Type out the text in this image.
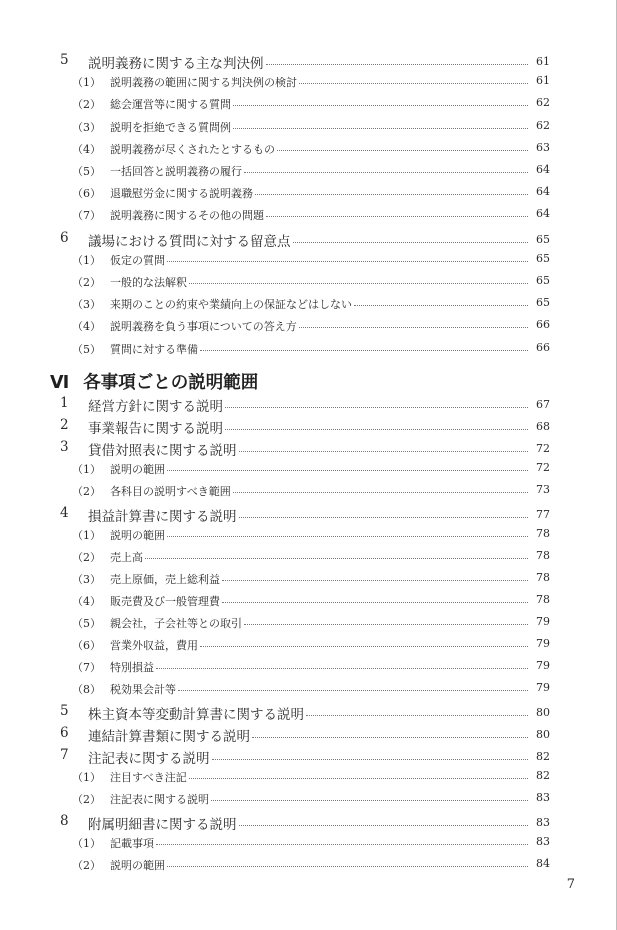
5 説明義務に関する主な判決例	61
（1） 説明義務の範囲に関する判決例の検討	61
（2） 総会運営等に関する質問	62
（3） 説明を拒絶できる質問例	62
（4） 説明義務が尽くされたとするもの	63
（5） 一括回答と説明義務の履行	64
（6） 退職慰労金に関する説明義務	64
（7） 説明義務に関するその他の問題	64
6 議場における質問に対する留意点	65
（1） 仮定の質問	65
（2） 一般的な法解釈	65
（3） 来期のことの約束や業績向上の保証などはしない	65
（4） 説明義務を負う事項についての答え方	66
（5） 質問に対する準備	66
Ⅵ 各事項ごとの説明範囲
1 経営方針に関する説明	67
2 事業報告に関する説明	68
3 貸借対照表に関する説明	72
（1） 説明の範囲	72
（2） 各科目の説明すべき範囲	73
4 損益計算書に関する説明	77
（1） 説明の範囲	78
（2） 売上高	78
（3） 売上原価，売上総利益	78
（4） 販売費及び一般管理費	78
（5） 親会社，子会社等との取引	79
（6） 営業外収益，費用	79
（7） 特別損益	79
（8） 税効果会計等	79
5 株主資本等変動計算書に関する説明	80
6 連結計算書類に関する説明	80
7 注記表に関する説明	82
（1） 注目すべき注記	82
（2） 注記表に関する説明	83
8 附属明細書に関する説明	83
（1） 記載事項	83
（2） 説明の範囲	84
7
